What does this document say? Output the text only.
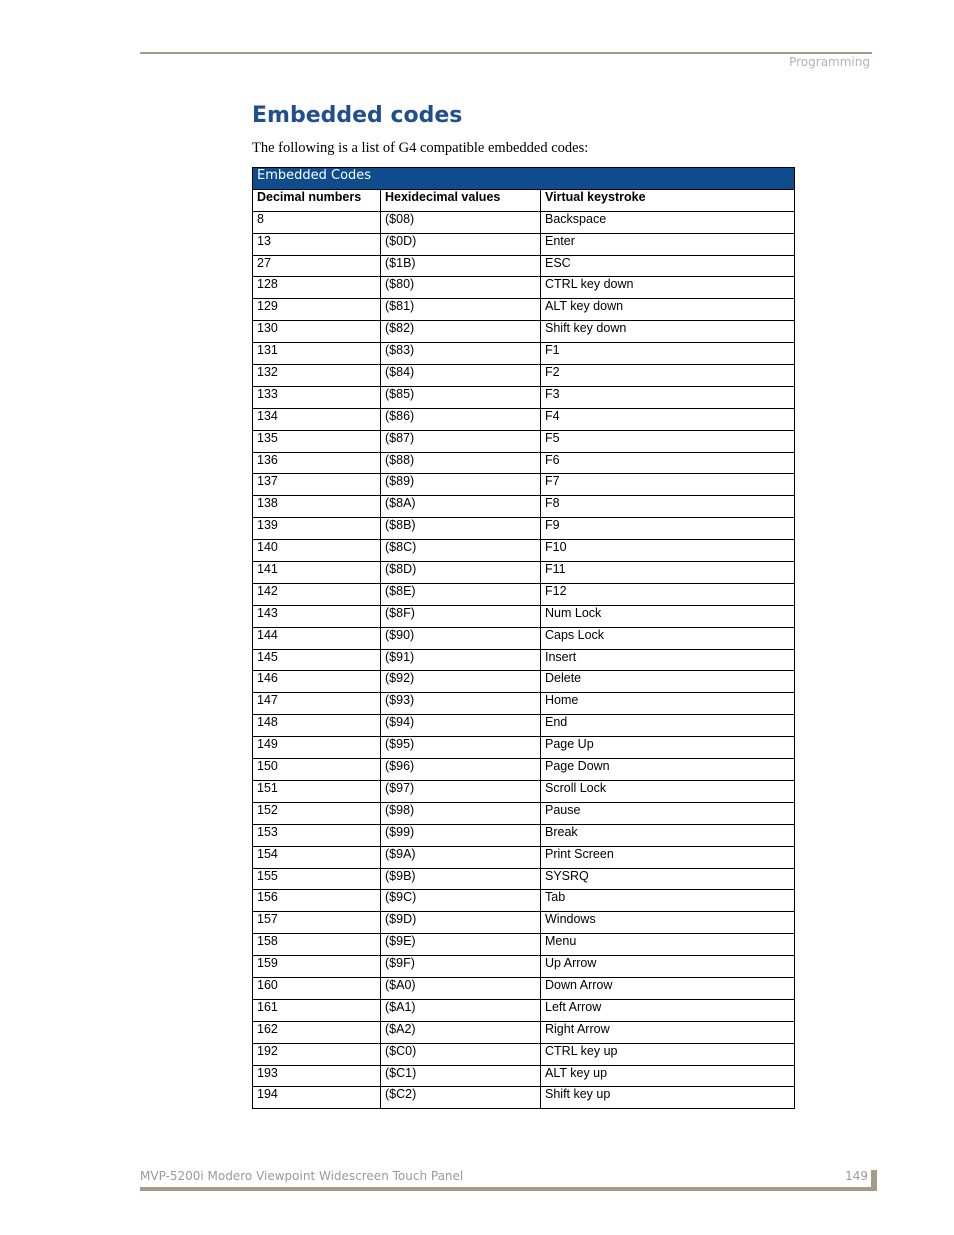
Programming
Embedded codes

The following is a list of G4 compatible embedded codes:

Embedded Codes		
Decimal numbers	Hexidecimal values	Virtual keystroke
8	($08)	Backspace
13	($0D)	Enter
27	($1B)	ESC
128	($80)	CTRL key down
129	($81)	ALT key down
130	($82)	Shift key down
131	($83)	F1
132	($84)	F2
133	($85)	F3
134	($86)	F4
135	($87)	F5
136	($88)	F6
137	($89)	F7
138	($8A)	F8
139	($8B)	F9
140	($8C)	F10
141	($8D)	F11
142	($8E)	F12
143	($8F)	Num Lock
144	($90)	Caps Lock
145	($91)	Insert
146	($92)	Delete
147	($93)	Home
148	($94)	End
149	($95)	Page Up
150	($96)	Page Down
151	($97)	Scroll Lock
152	($98)	Pause
153	($99)	Break
154	($9A)	Print Screen
155	($9B)	SYSRQ
156	($9C)	Tab
157	($9D)	Windows
158	($9E)	Menu
159	($9F)	Up Arrow
160	($A0)	Down Arrow
161	($A1)	Left Arrow
162	($A2)	Right Arrow
192	($C0)	CTRL key up
193	($C1)	ALT key up
194	($C2)	Shift key up
MVP-5200i Modero Viewpoint Widescreen Touch Panel	149
